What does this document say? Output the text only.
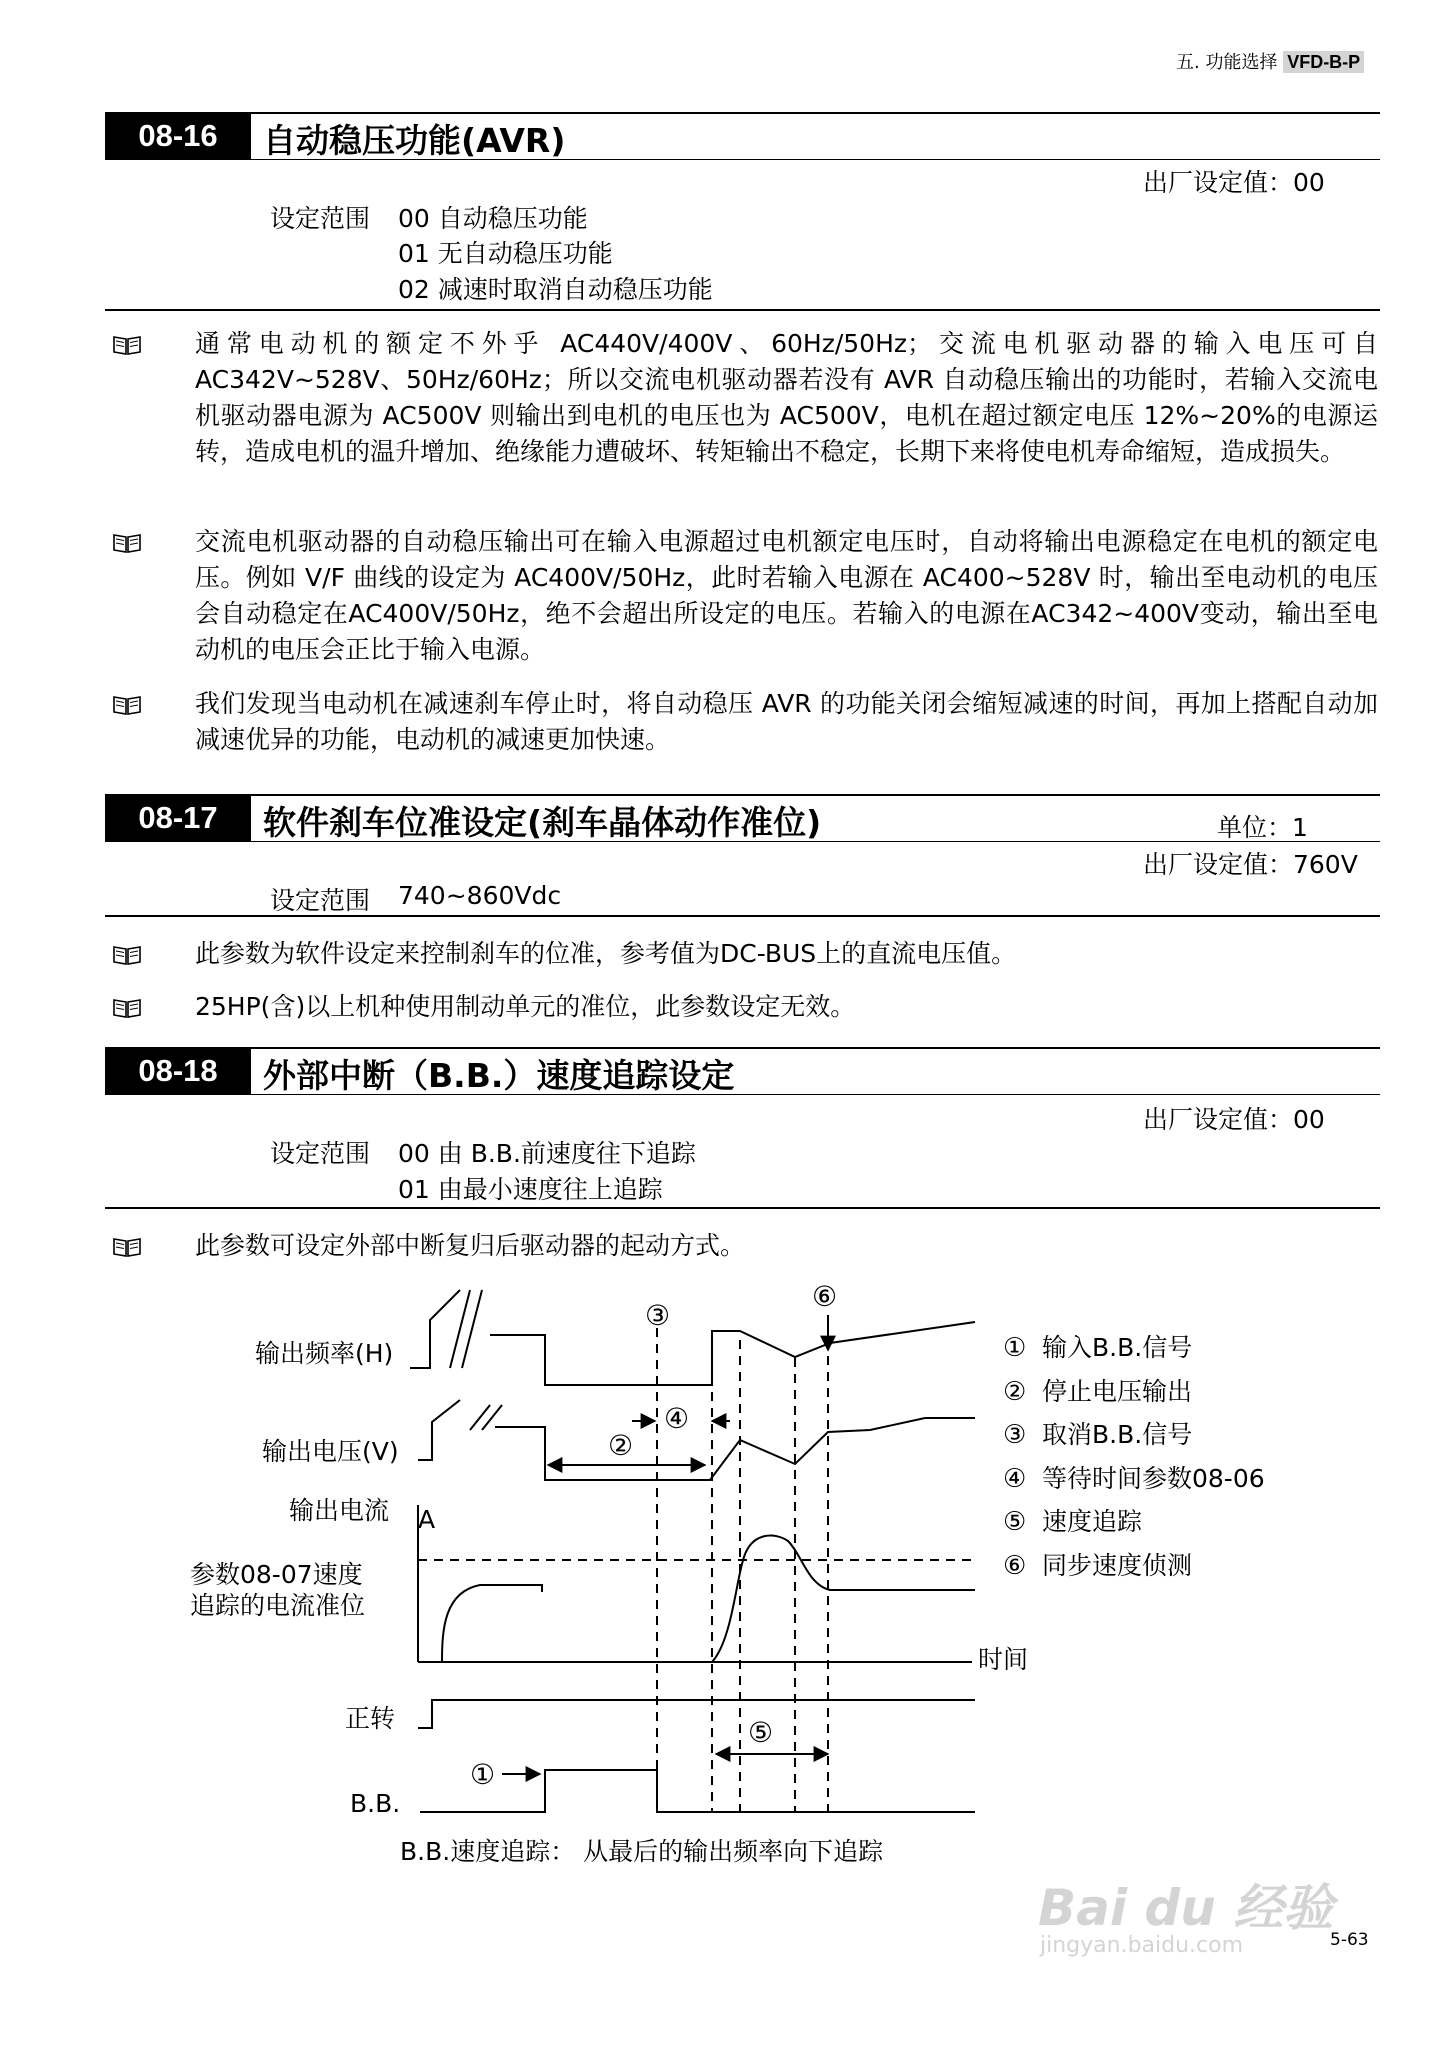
五. 功能选择 VFD-B-P
08-16	自动稳压功能(AVR)
出厂设定值：00
设定范围 00 自动稳压功能
01 无自动稳压功能
02 减速时取消自动稳压功能
通常电动机的额定不外乎 AC440V/400V、60Hz/50Hz；交流电机驱动器的输入电压可自 AC342V~528V、50Hz/60Hz；所以交流电机驱动器若没有 AVR 自动稳压输出的功能时，若输入交流电机驱动器电源为 AC500V 则输出到电机的电压也为 AC500V，电机在超过额定电压 12%~20%的电源运转，造成电机的温升增加、绝缘能力遭破坏、转矩输出不稳定，长期下来将使电机寿命缩短，造成损失。
交流电机驱动器的自动稳压输出可在输入电源超过电机额定电压时，自动将输出电源稳定在电机的额定电压。例如 V/F 曲线的设定为 AC400V/50Hz，此时若输入电源在 AC400~528V 时，输出至电动机的电压会自动稳定在AC400V/50Hz，绝不会超出所设定的电压。若输入的电源在AC342~400V变动，输出至电动机的电压会正比于输入电源。
我们发现当电动机在减速刹车停止时，将自动稳压 AVR 的功能关闭会缩短减速的时间，再加上搭配自动加减速优异的功能，电动机的减速更加快速。
08-17	软件刹车位准设定(刹车晶体动作准位)	单位：1
出厂设定值：760V
设定范围 740~860Vdc
此参数为软件设定来控制刹车的位准，参考值为DC-BUS上的直流电压值。
25HP(含)以上机种使用制动单元的准位，此参数设定无效。
08-18	外部中断（B.B.）速度追踪设定
出厂设定值：00
设定范围 00 由 B.B.前速度往下追踪
01 由最小速度往上追踪
此参数可设定外部中断复归后驱动器的起动方式。
输出频率(H)
输出电压(V)
输出电流 A
参数08-07速度
追踪的电流准位
时间
正转
B.B.
③
⑥
②
④
⑤
①
① 输入B.B.信号
② 停止电压输出
③ 取消B.B.信号
④ 等待时间参数08-06
⑤ 速度追踪
⑥ 同步速度侦测
B.B.速度追踪： 从最后的输出频率向下追踪
Bai du 经验
jingyan.baidu.com	5-63
